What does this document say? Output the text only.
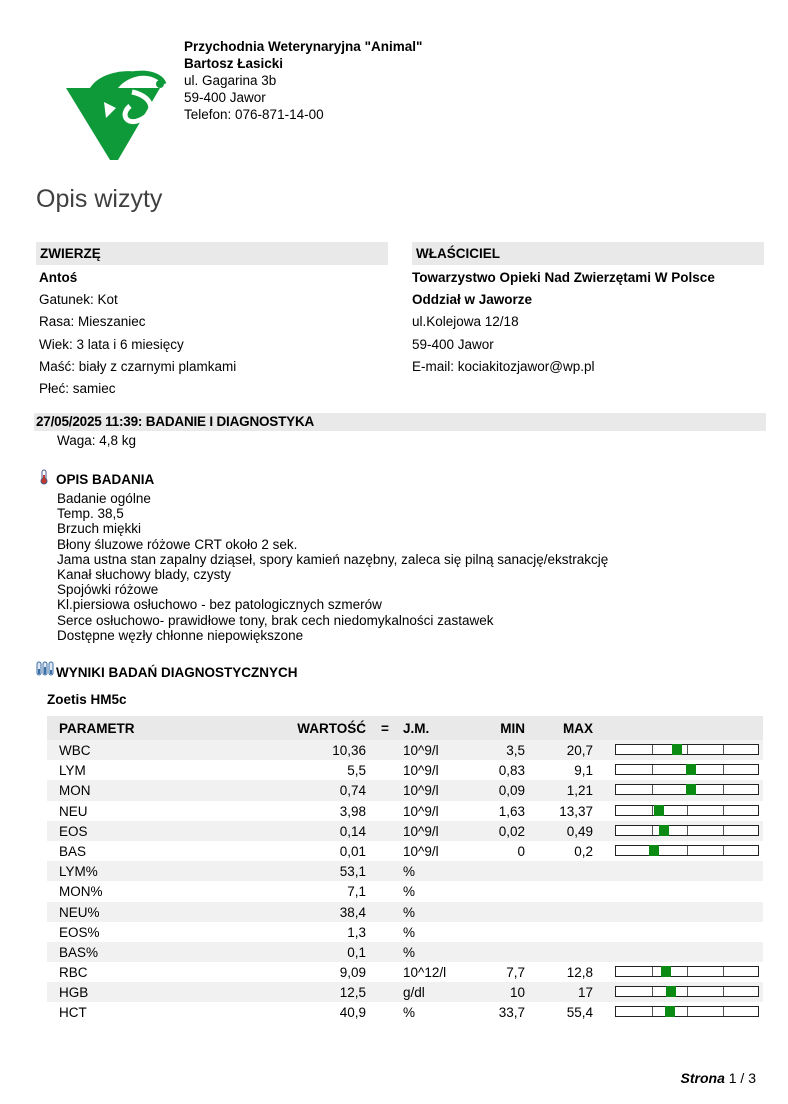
Przychodnia Weterynaryjna "Animal"
Bartosz Łasicki
ul. Gagarina 3b
59-400 Jawor
Telefon: 076-871-14-00
Opis wizyty
ZWIERZĘ
Antoś
Gatunek: Kot
Rasa: Mieszaniec
Wiek: 3 lata i 6 miesięcy
Maść: biały z czarnymi plamkami
Płeć: samiec
WŁAŚCICIEL
Towarzystwo Opieki Nad Zwierzętami W Polsce
Oddział w Jaworze
ul.Kolejowa 12/18
59-400 Jawor
E-mail: kociakitozjawor@wp.pl
27/05/2025 11:39: BADANIE I DIAGNOSTYKA
Waga: 4,8 kg
OPIS BADANIA
Badanie ogólne
Temp. 38,5
Brzuch miękki
Błony śluzowe różowe CRT około 2 sek.
Jama ustna stan zapalny dziąseł, spory kamień nazębny, zaleca się pilną sanację/ekstrakcję
Kanał słuchowy blady, czysty
Spojówki różowe
Kl.piersiowa osłuchowo - bez patologicznych szmerów
Serce osłuchowo- prawidłowe tony, brak cech niedomykalności zastawek
Dostępne węzły chłonne niepowiększone
WYNIKI BADAŃ DIAGNOSTYCZNYCH
Zoetis HM5c
PARAMETR	WARTOŚĆ = J.M.	MIN	MAX
WBC	10,36	10^9/l	3,5	20,7
LYM	5,5	10^9/l	0,83	9,1
MON	0,74	10^9/l	0,09	1,21
NEU	3,98	10^9/l	1,63	13,37
EOS	0,14	10^9/l	0,02	0,49
BAS	0,01	10^9/l	0	0,2
LYM%	53,1	%
MON%	7,1	%
NEU%	38,4	%
EOS%	1,3	%
BAS%	0,1	%
RBC	9,09	10^12/l	7,7	12,8
HGB	12,5	g/dl	10	17
HCT	40,9	%	33,7	55,4
Strona 1 / 3
